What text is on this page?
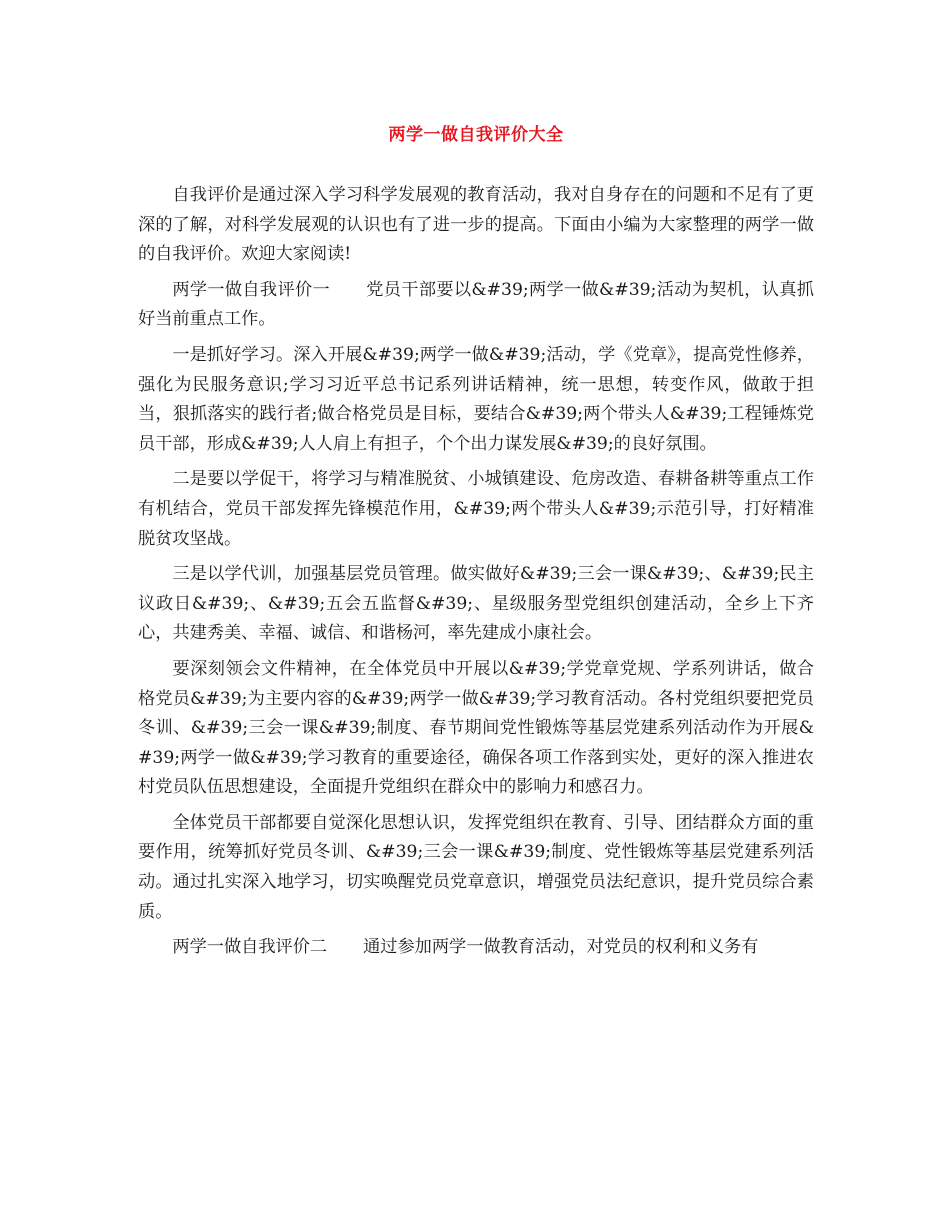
两学一做自我评价大全

自我评价是通过深入学习科学发展观的教育活动，我对自身存在的问题和不足有了更深的了解，对科学发展观的认识也有了进一步的提高。下面由小编为大家整理的两学一做的自我评价。欢迎大家阅读!

两学一做自我评价一 党员干部要以&#39;两学一做&#39;活动为契机，认真抓好当前重点工作。

一是抓好学习。深入开展&#39;两学一做&#39;活动，学《党章》，提高党性修养，强化为民服务意识;学习习近平总书记系列讲话精神，统一思想，转变作风，做敢于担当，狠抓落实的践行者;做合格党员是目标，要结合&#39;两个带头人&#39;工程锤炼党员干部，形成&#39;人人肩上有担子，个个出力谋发展&#39;的良好氛围。

二是要以学促干，将学习与精准脱贫、小城镇建设、危房改造、春耕备耕等重点工作有机结合，党员干部发挥先锋模范作用，&#39;两个带头人&#39;示范引导，打好精准脱贫攻坚战。

三是以学代训，加强基层党员管理。做实做好&#39;三会一课&#39;、&#39;民主议政日&#39;、&#39;五会五监督&#39;、星级服务型党组织创建活动，全乡上下齐心，共建秀美、幸福、诚信、和谐杨河，率先建成小康社会。

要深刻领会文件精神，在全体党员中开展以&#39;学党章党规、学系列讲话，做合格党员&#39;为主要内容的&#39;两学一做&#39;学习教育活动。各村党组织要把党员冬训、&#39;三会一课&#39;制度、春节期间党性锻炼等基层党建系列活动作为开展&#39;两学一做&#39;学习教育的重要途径，确保各项工作落到实处，更好的深入推进农村党员队伍思想建设，全面提升党组织在群众中的影响力和感召力。

全体党员干部都要自觉深化思想认识，发挥党组织在教育、引导、团结群众方面的重要作用，统筹抓好党员冬训、&#39;三会一课&#39;制度、党性锻炼等基层党建系列活动。通过扎实深入地学习，切实唤醒党员党章意识，增强党员法纪意识，提升党员综合素质。

两学一做自我评价二 通过参加两学一做教育活动，对党员的权利和义务有
